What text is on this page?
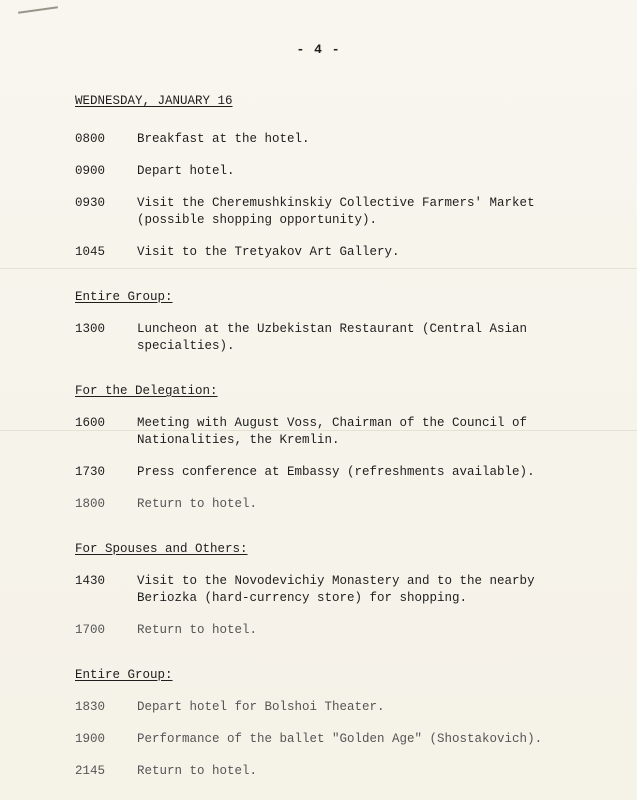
- 4 -

WEDNESDAY, JANUARY 16

0800	Breakfast at the hotel.
0900	Depart hotel.
0930	Visit the Cheremushkinskiy Collective Farmers' Market
(possible shopping opportunity).
1045	Visit to the Tretyakov Art Gallery.

Entire Group:

1300	Luncheon at the Uzbekistan Restaurant (Central Asian
specialties).

For the Delegation:

1600	Meeting with August Voss, Chairman of the Council of
Nationalities, the Kremlin.
1730	Press conference at Embassy (refreshments available).
1800	Return to hotel.

For Spouses and Others:

1430	Visit to the Novodevichiy Monastery and to the nearby
Beriozka (hard-currency store) for shopping.
1700	Return to hotel.

Entire Group:

1830	Depart hotel for Bolshoi Theater.
1900	Performance of the ballet "Golden Age" (Shostakovich).
2145	Return to hotel.
